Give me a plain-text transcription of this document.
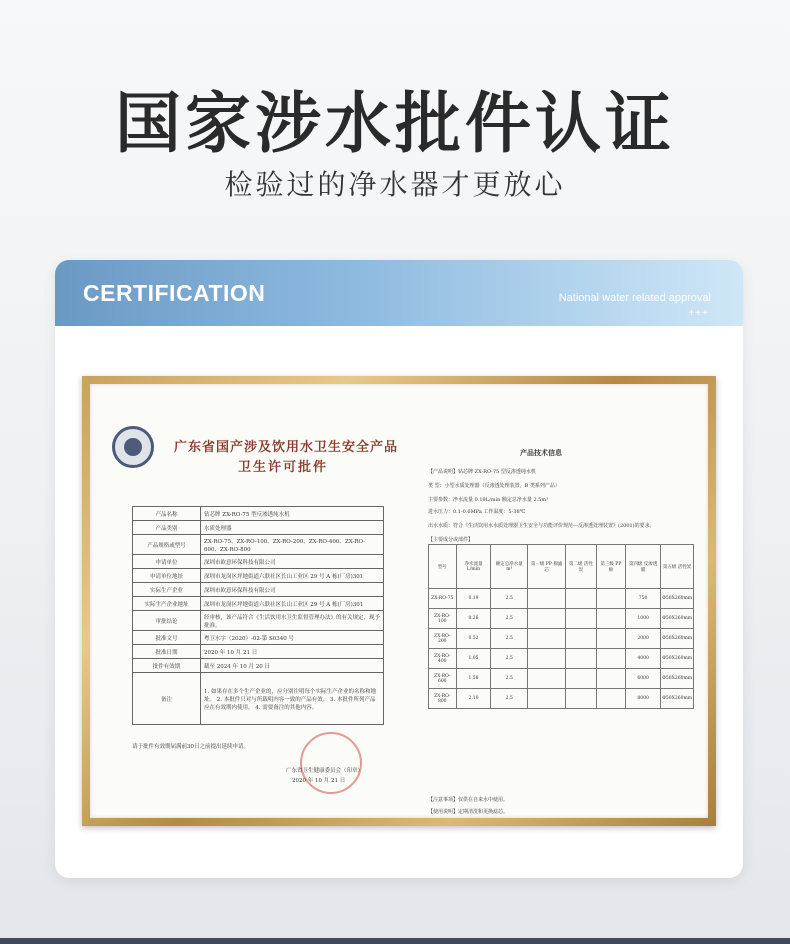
国家涉水批件认证
检验过的净水器才更放心
CERTIFICATION	National water related approval
+++
广东省国产涉及饮用水卫生安全产品
卫生许可批件
产品名称	钻芯牌 ZX-RO-75 型反渗透纯水机
产品类别	水质处理器
产品规格或型号	ZX-RO-75、ZX-RO-100、ZX-RO-200、ZX-RO-400、ZX-RO-600、ZX-RO-800
申请单位	深圳市欧意环保科技有限公司
申请单位地址	深圳市龙岗区坪地街道六联社区长山工业区 29 号 A 栋(厂房)301
实际生产企业	深圳市欧意环保科技有限公司
实际生产企业地址	深圳市龙岗区坪地街道六联社区长山工业区 29 号 A 栋(厂房)301
审批结论	经审核，该产品符合《生活饮用水卫生监督管理办法》的有关规定，现予批准。
批准文号	粤卫水字（2020）-02-第 S0340 号
批准日期	2020 年 10 月 21 日
批件有效期	截至 2024 年 10 月 20 日
备注	1. 如果存在多个生产企业的，应分别注明每个实际生产企业的名称和地址。 2. 本批件只对与所载明内容一致的产品有效。 3. 本批件所列产品应在有效期内使用。 4. 需要备注的其他内容。
请于批件有效期届满前30日之前提出延续申请。
广东省卫生健康委员会（印章）
2020 年 10 月 21 日
产品技术信息
【产品说明】钻芯牌 ZX-RO-75 型反渗透纯水机
类 型：小型水质处理器（反渗透处理装置，B 类系列产品）
主要参数：净水流量 0.19L/min 额定总净水量 2.5m³
进水压力：0.1-0.6MPa 工作温度：5-38℃
出水水质：符合《生活饮用水水质处理器卫生安全与功能评价规范—反渗透处理装置》(2001)的要求。
【主要成分或部件】
型号	净水流量 L/min	额定总净水量 m³	第一级 PP 棉滤芯	第二级 活性炭	第三级 PP 棉	第四级 反渗透膜	第五级 活性炭
ZX-RO-75	0.19	2.5				750	Φ50X260mm
ZX-RO-100	0.26	2.5				1000	Φ50X260mm
ZX-RO-200	0.52	2.5				2000	Φ50X260mm
ZX-RO-400	1.05	2.5				4000	Φ50X260mm
ZX-RO-600	1.58	2.5				6000	Φ50X260mm
ZX-RO-800	2.10	2.5				8000	Φ50X260mm
【注意事项】仅供在自来水中使用。
【使用说明】定期清洗和更换滤芯。
